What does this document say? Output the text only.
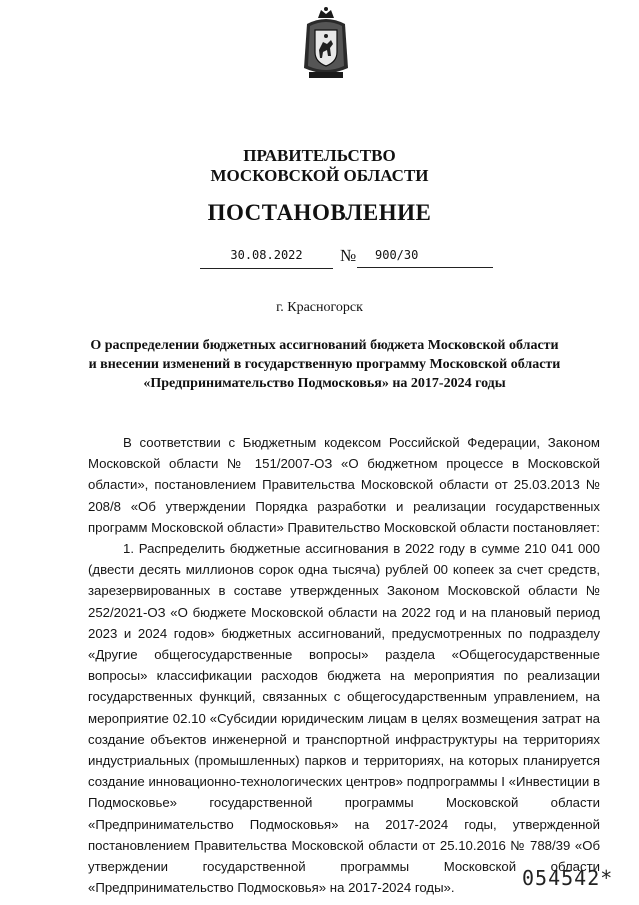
ПРАВИТЕЛЬСТВО
МОСКОВСКОЙ ОБЛАСТИ
ПОСТАНОВЛЕНИЕ
30.08.2022	№	900/30
г. Красногорск
О распределении бюджетных ассигнований бюджета Московской области
и внесении изменений в государственную программу Московской области
«Предпринимательство Подмосковья» на 2017-2024 годы

В соответствии с Бюджетным кодексом Российской Федерации, Законом Московской области № 151/2007-ОЗ «О бюджетном процессе в Московской области», постановлением Правительства Московской области от 25.03.2013 № 208/8 «Об утверждении Порядка разработки и реализации государственных программ Московской области» Правительство Московской области постановляет:

1. Распределить бюджетные ассигнования в 2022 году в сумме 210 041 000 (двести десять миллионов сорок одна тысяча) рублей 00 копеек за счет средств, зарезервированных в составе утвержденных Законом Московской области № 252/2021-ОЗ «О бюджете Московской области на 2022 год и на плановый период 2023 и 2024 годов» бюджетных ассигнований, предусмотренных по подразделу «Другие общегосударственные вопросы» раздела «Общегосударственные вопросы» классификации расходов бюджета на мероприятия по реализации государственных функций, связанных с общегосударственным управлением, на мероприятие 02.10 «Субсидии юридическим лицам в целях возмещения затрат на создание объектов инженерной и транспортной инфраструктуры на территориях индустриальных (промышленных) парков и территориях, на которых планируется создание инновационно-технологических центров» подпрограммы I «Инвестиции в Подмосковье» государственной программы Московской области «Предпринимательство Подмосковья» на 2017-2024 годы, утвержденной постановлением Правительства Московской области от 25.10.2016 № 788/39 «Об утверждении государственной программы Московской области «Предпринимательство Подмосковья» на 2017-2024 годы».	054542*
